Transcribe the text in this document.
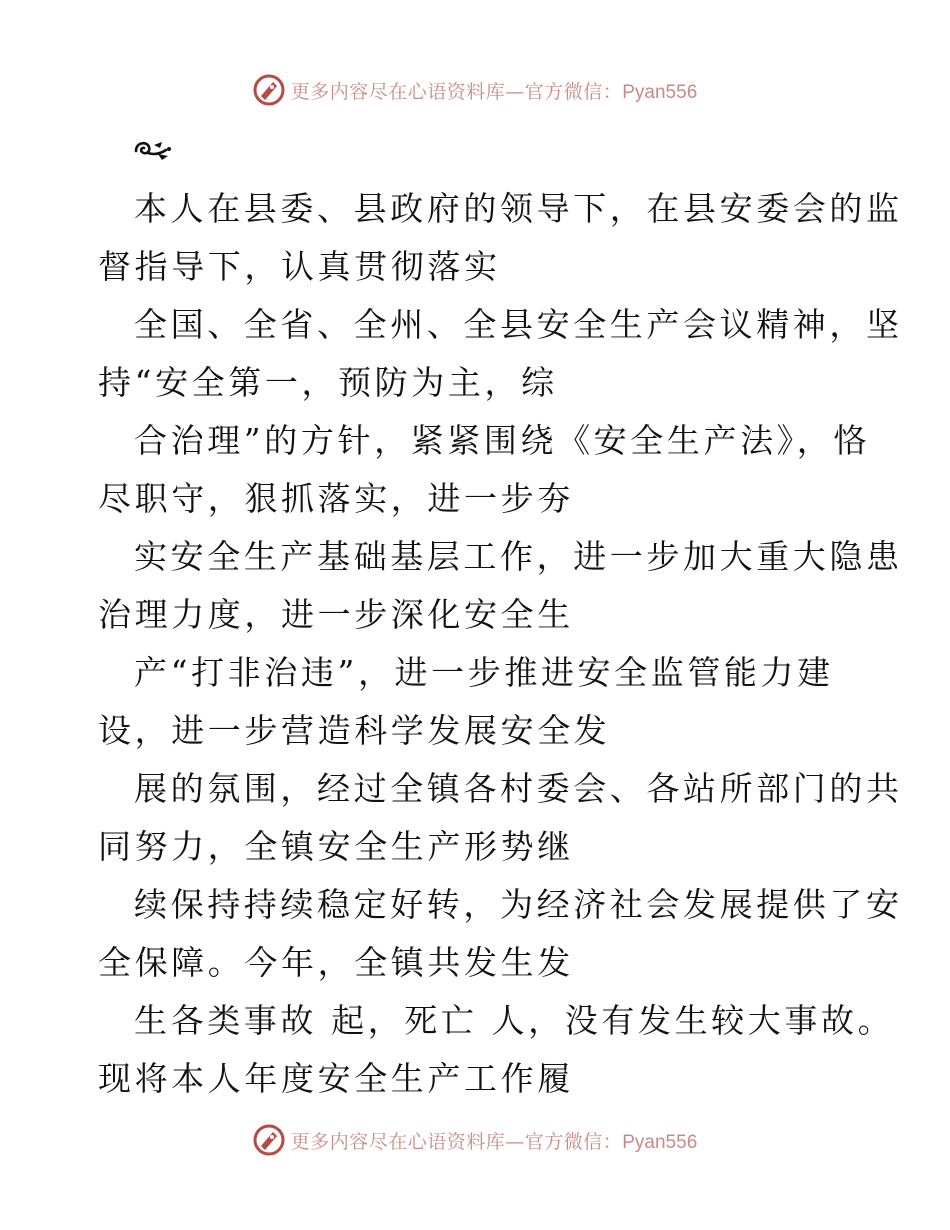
更多内容尽在心语资料库—官方微信：Pyan556

本人在县委、县政府的领导下，在县安委会的监

督指导下，认真贯彻落实

全国、全省、全州、全县安全生产会议精神，坚

持“安全第一，预防为主，综

合治理”的方针，紧紧围绕《安全生产法》，恪

尽职守，狠抓落实，进一步夯

实安全生产基础基层工作，进一步加大重大隐患

治理力度，进一步深化安全生

产“打非治违”，进一步推进安全监管能力建

设，进一步营造科学发展安全发

展的氛围，经过全镇各村委会、各站所部门的共

同努力，全镇安全生产形势继

续保持持续稳定好转，为经济社会发展提供了安

全保障。今年，全镇共发生发

生各类事故 起，死亡 人，没有发生较大事故。

现将本人年度安全生产工作履

更多内容尽在心语资料库—官方微信：Pyan556
